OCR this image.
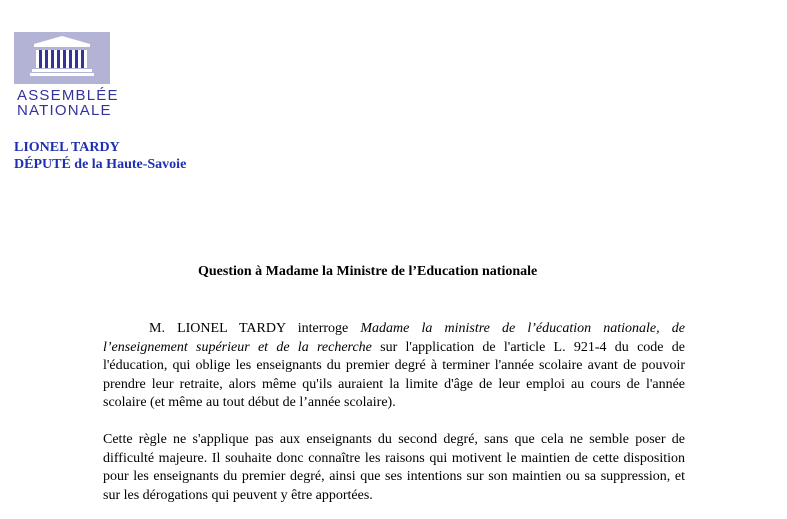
ASSEMBLÉE
NATIONALE
LIONEL TARDY
DÉPUTÉ de la Haute-Savoie
Question à Madame la Ministre de l’Education nationale
M. LIONEL TARDY interroge Madame la ministre de l’éducation nationale, de l’enseignement supérieur et de la recherche sur l'application de l'article L. 921-4 du code de l'éducation, qui oblige les enseignants du premier degré à terminer l'année scolaire avant de pouvoir prendre leur retraite, alors même qu'ils auraient la limite d'âge de leur emploi au cours de l'année scolaire (et même au tout début de l’année scolaire).
Cette règle ne s'applique pas aux enseignants du second degré, sans que cela ne semble poser de difficulté majeure. Il souhaite donc connaître les raisons qui motivent le maintien de cette disposition pour les enseignants du premier degré, ainsi que ses intentions sur son maintien ou sa suppression, et sur les dérogations qui peuvent y être apportées.
